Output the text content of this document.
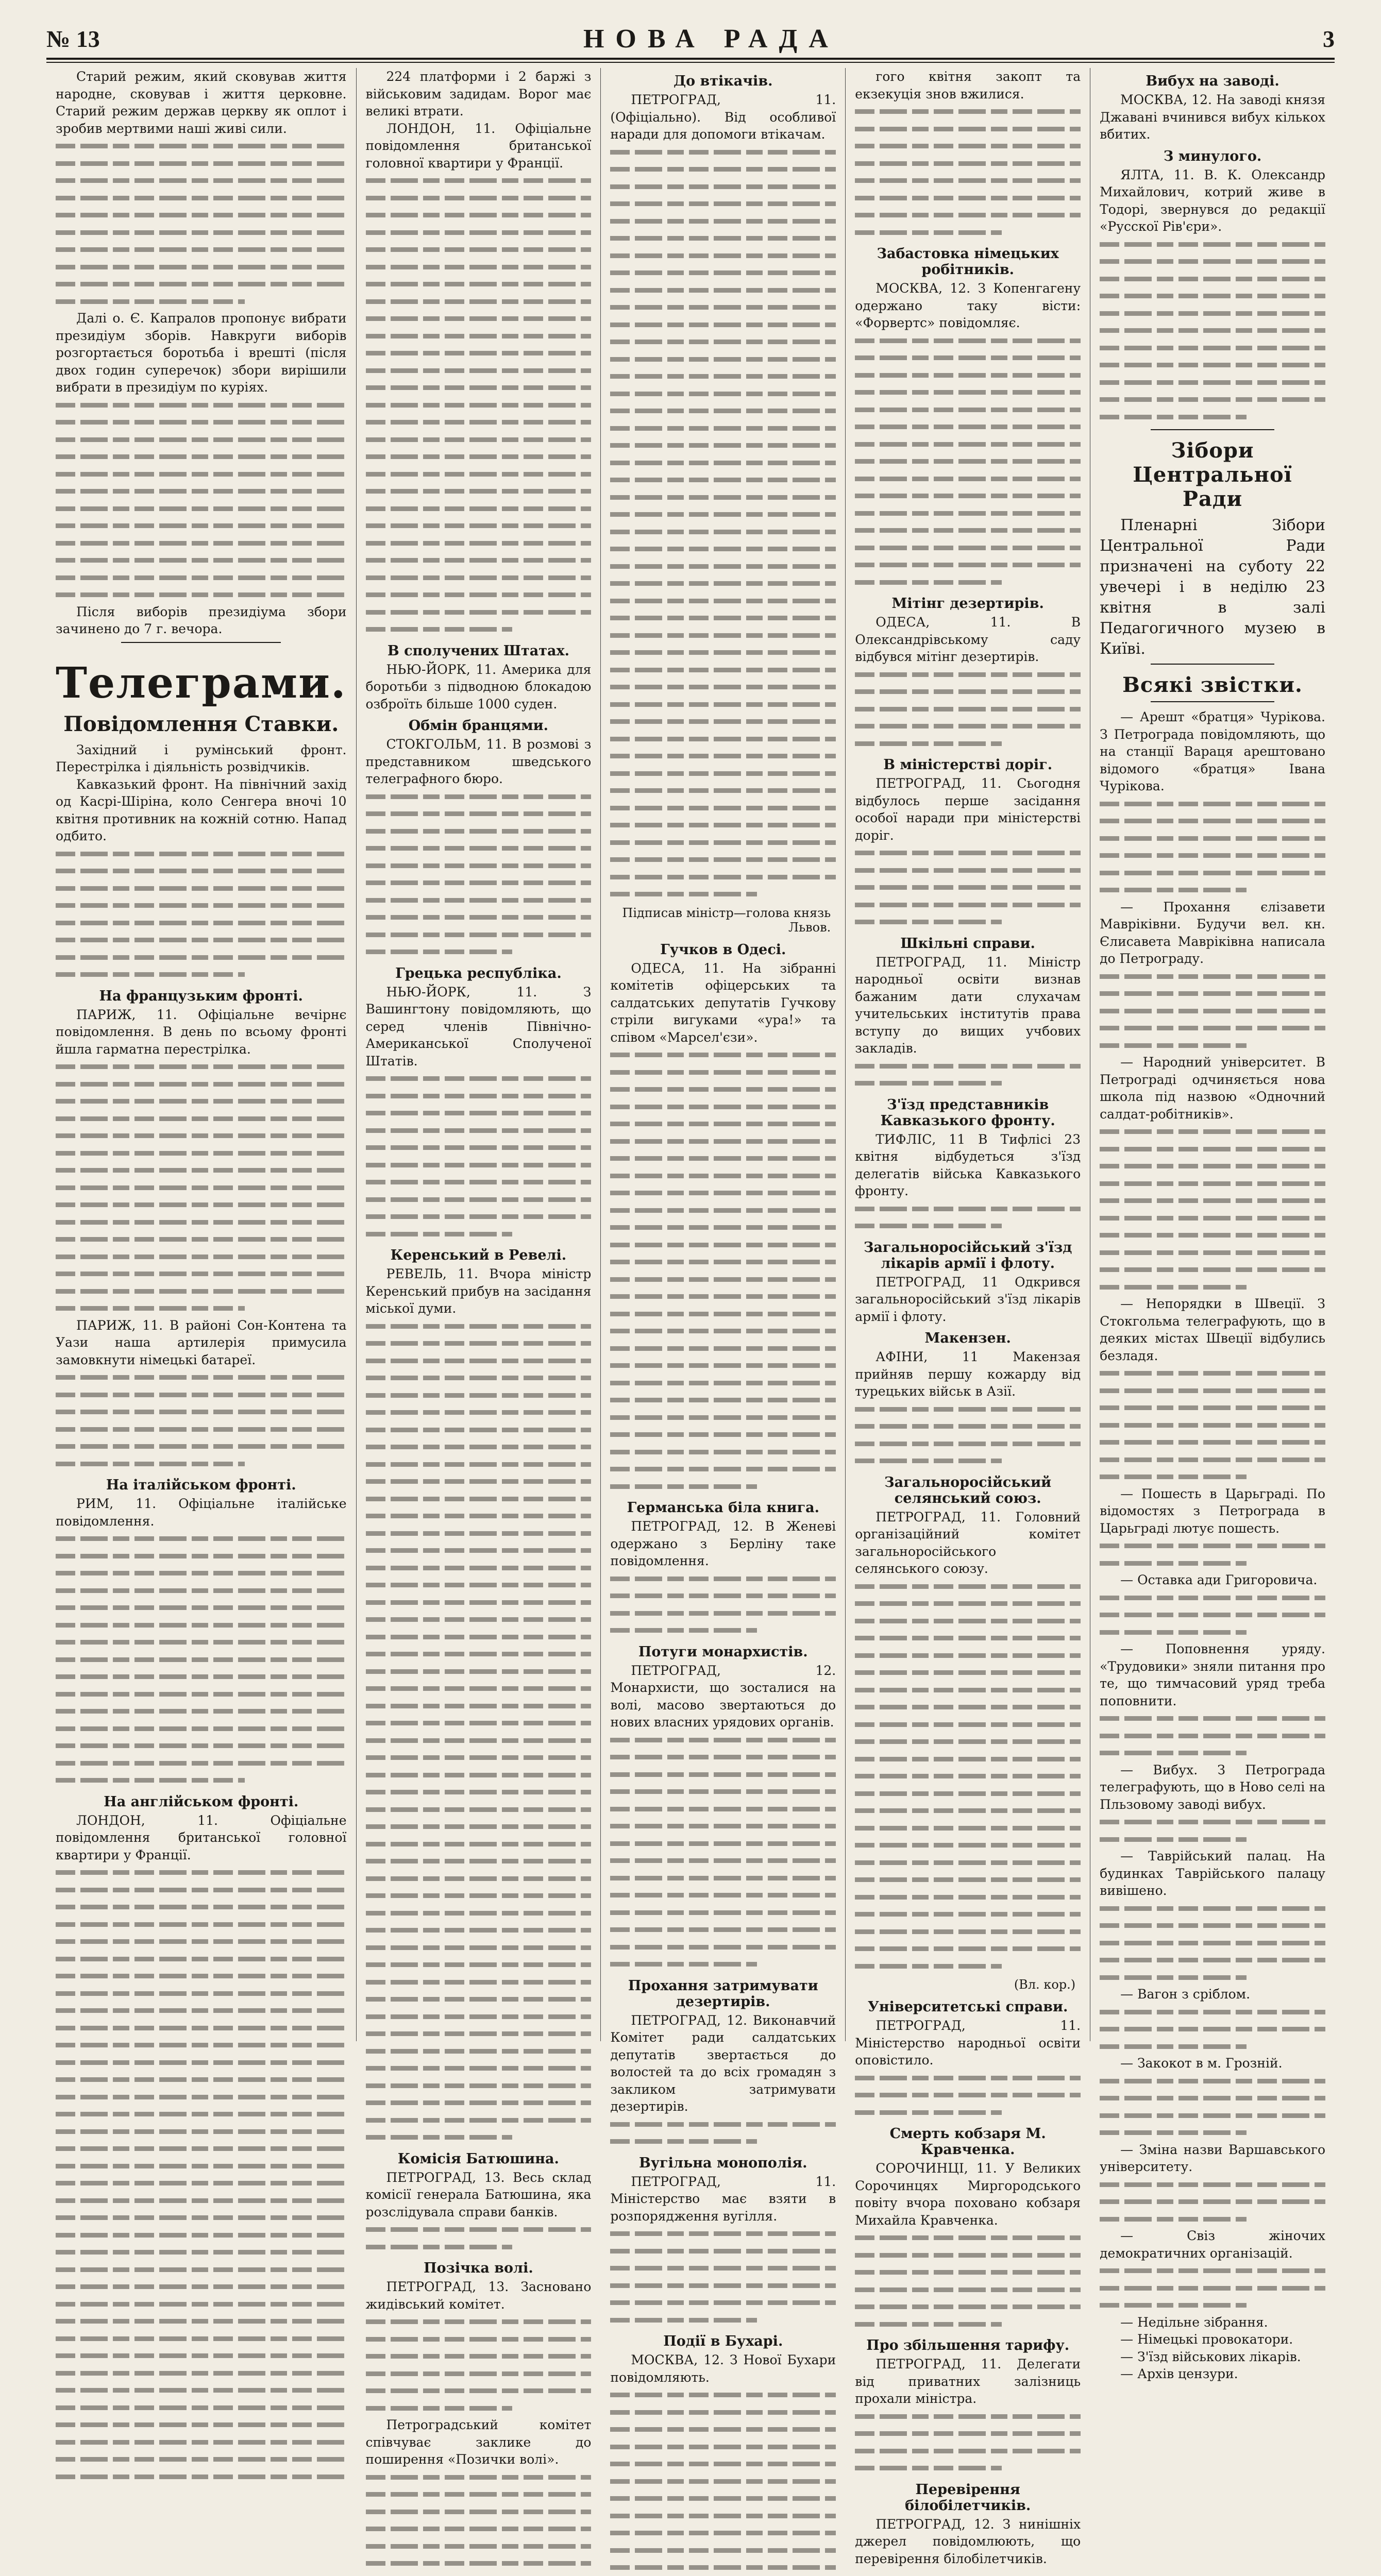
№ 13	НОВА РАДА	3

Старий режим, який сковував життя народне, сковував і життя церковне. Старий режим держав церкву як оплот і зробив мертвими наші живі сили.

Далі о. Є. Капралов пропонує вибрати президіум зборів. Навкруги виборів розгортається боротьба і врешті (після двох годин суперечок) збори вирішили вибрати в президіум по куріях.

Після виборів президіума збори зачинено до 7 г. вечора.

Телеграми.
Повідомлення Ставки.

Західний і румінський фронт. Перестрілка і діяльність розвідчиків.

Кавказький фронт. На північний захід од Касрі-Шіріна, коло Сенгера вночі 10 квітня противник на кожній сотню. Напад одбито.

На французьким фронті.

ПАРИЖ, 11. Офіціальне вечірнє повідомлення. В день по всьому фронті йшла гарматна перестрілка.

ПАРИЖ, 11. В районі Сон-Контена та Уази наша артилерія примусила замовкнути німецькі батареї.

На італійськом фронті.

РИМ, 11. Офіціальне італійське повідомлення.

На англійськом фронті.

ЛОНДОН, 11. Офіціальне повідомлення британської головної квартири у Франції.

224 платформи і 2 баржі з військовим задидам. Ворог має великі втрати.

ЛОНДОН, 11. Офіціальне повідомлення британської головної квартири у Франції.

В сполучених Штатах.

НЬЮ-ЙОРК, 11. Америка для боротьби з підводною блокадою озброїть більше 1000 суден.

Обмін бранцями.

СТОКГОЛЬМ, 11. В розмові з представником шведського телеграфного бюро.

Грецька республіка.

НЬЮ-ЙОРК, 11. З Вашингтону повідомляють, що серед членів Північно-Американської Сполученої Штатів.

Керенський в Ревелі.

РЕВЕЛЬ, 11. Вчора міністр Керенський прибув на засідання міської думи.

Комісія Батюшина.

ПЕТРОГРАД, 13. Весь склад комісії генерала Батюшина, яка розслідувала справи банків.

Позічка волі.

ПЕТРОГРАД, 13. Засновано жидівський комітет.

Петроградський комітет співчуває заклике до поширення «Позички волі».

До втікачів.

ПЕТРОГРАД, 11. (Офіціально). Від особливої наради для допомоги втікачам.

Підписав міністр—голова князь Львов.
Гучков в Одесі.

ОДЕСА, 11. На зібранні комітетів офіцерських та салдатських депутатів Гучкову стріли вигуками «ура!» та співом «Марсел'єзи».

Германська біла книга.

ПЕТРОГРАД, 12. В Женеві одержано з Берліну таке повідомлення.

Потуги монархистів.

ПЕТРОГРАД, 12. Монархисти, що зосталися на волі, масово звертаються до нових власних урядових органів.

Прохання затримувати дезертирів.

ПЕТРОГРАД, 12. Виконавчий Комітет ради салдатських депутатів звертається до волостей та до всіх громадян з закликом затримувати дезертирів.

Вугільна монополія.

ПЕТРОГРАД, 11. Міністерство має взяти в розпорядження вугілля.

Події в Бухарі.

МОСКВА, 12. З Нової Бухари повідомляють.

гого квітня закопт та екзекуція знов вжилися.

Забастовка німецьких робітників.

МОСКВА, 12. З Копенгагену одержано таку вісти: «Форвертс» повідомляє.

Мітінг дезертирів.

ОДЕСА, 11. В Олександрівському саду відбувся мітінг дезертирів.

В міністерстві доріг.

ПЕТРОГРАД, 11. Сьогодня відбулось перше засідання особої наради при міністерстві доріг.

Шкільні справи.

ПЕТРОГРАД, 11. Міністр народньої освіти визнав бажаним дати слухачам учительських інститутів права вступу до вищих учбових закладів.

З'їзд представників Кавказького фронту.

ТИФЛІС, 11 В Тифлісі 23 квітня відбудеться з'їзд делегатів війська Кавказького фронту.

Загальноросійський з'їзд лікарів армії і флоту.

ПЕТРОГРАД, 11 Одкрився загальноросійський з'їзд лікарів армії і флоту.

Макензен.

АФІНИ, 11 Макензая прийняв першу кожарду від турецьких військ в Азії.

Загальноросійський селянський союз.

ПЕТРОГРАД, 11. Головний організаційний комітет загальноросійського селянського союзу.

(Вл. кор.)
Університетські справи.

ПЕТРОГРАД, 11. Міністерство народньої освіти оповістило.

Смерть кобзаря М. Кравченка.

СОРОЧИНЦІ, 11. У Великих Сорочинцях Миргородського повіту вчора поховано кобзаря Михайла Кравченка.

Про збільшення тарифу.

ПЕТРОГРАД, 11. Делегати від приватних залізниць прохали міністра.

Перевірення білобілетчиків.

ПЕТРОГРАД, 12. З нинішніх джерел повідомлюють, що перевірення білобілетчиків.

Вибух на заводі.

МОСКВА, 12. На заводі князя Джавані вчинився вибух кількох вбитих.

З минулого.

ЯЛТА, 11. В. К. Олександр Михайлович, котрий живе в Тодорі, звернувся до редакції «Русскої Рів'єри».

Зібори Центральної Ради

Пленарні Зібори Центральної Ради призначені на суботу 22 увечері і в неділю 23 квітня в залі Педагогичного музею в Київі.

Всякі звістки.

— Арешт «братця» Чурікова. З Петрограда повідомляють, що на станції Вараця арештовано відомого «братця» Івана Чурікова.

— Прохання єлізавети Мавріківни. Будучи вел. кн. Єлисавета Мавріківна написала до Петрограду.

— Народний університет. В Петрограді одчиняється нова школа під назвою «Одночний салдат-робітників».

— Непорядки в Швеції. З Стокгольма телеграфують, що в деяких містах Швеції відбулись безладя.

— Пошесть в Царьграді. По відомостях з Петрограда в Царьграді лютує пошесть.

— Оставка ади Григоровича.

— Поповнення уряду. «Трудовики» зняли питання про те, що тимчасовий уряд треба поповнити.

— Вибух. З Петрограда телеграфують, що в Ново селі на Пльзовому заводі вибух.

— Таврійський палац. На будинках Таврійського палацу вивішено.

— Вагон з сріблом.

— Закокот в м. Грозній.

— Зміна назви Варшавського університету.

— Свіз жіночих демократичних організацій.

— Недільне зібрання.

— Німецькі провокатори.

— З'їзд військових лікарів.

— Архів цензури.
